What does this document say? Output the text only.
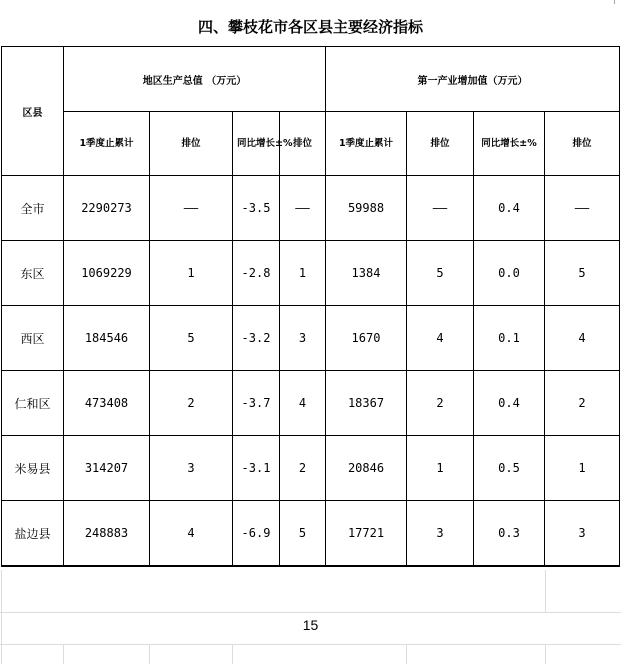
四、攀枝花市各区县主要经济指标								
区县	地区生产总值 （万元）				第一产业增加值（万元）			
	1季度止累计	排位	同比增长±%	排位	1季度止累计	排位	同比增长±%	排位
全市	2290273	——	-3.5	——	59988	——	0.4	——
东区	1069229	1	-2.8	1	1384	5	0.0	5
西区	184546	5	-3.2	3	1670	4	0.1	4
仁和区	473408	2	-3.7	4	18367	2	0.4	2
米易县	314207	3	-3.1	2	20846	1	0.5	1
盐边县	248883	4	-6.9	5	17721	3	0.3	3
15
